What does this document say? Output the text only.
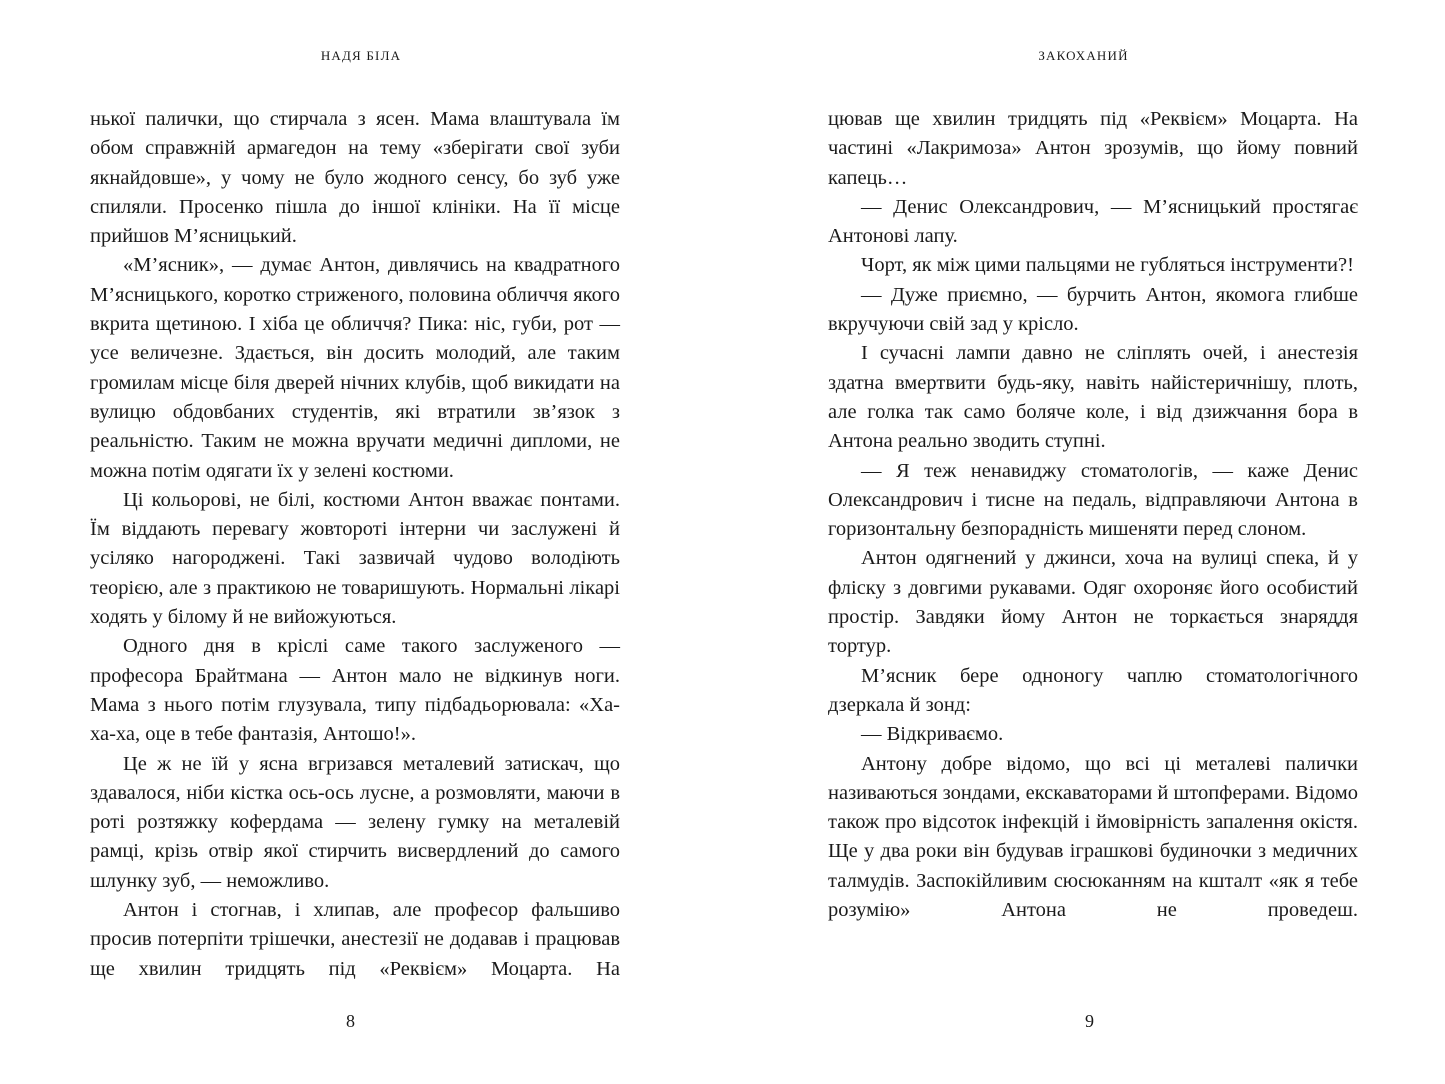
НАДЯ БІЛА

нької палички, що стирчала з ясен. Мама влаштувала їм обом справжній армагедон на тему «зберігати свої зуби якнайдовше», у чому не було жодного сенсу, бо зуб уже спиляли. Просенко пішла до іншої клініки. На її місце прийшов М’ясницький.

«М’ясник», — думає Антон, дивлячись на квадратного М’ясницького, коротко стриженого, половина обличчя якого вкрита щетиною. І хіба це обличчя? Пика: ніс, губи, рот — усе величезне. Здається, він досить молодий, але таким громилам місце біля дверей нічних клубів, щоб викидати на вулицю обдовбаних студентів, які втратили зв’язок з реальністю. Таким не можна вручати медичні дипломи, не можна потім одягати їх у зелені костюми.

Ці кольорові, не білі, костюми Антон вважає понтами. Їм віддають перевагу жовтороті інтерни чи заслужені й усіляко нагороджені. Такі зазвичай чудово володіють теорією, але з практикою не товаришують. Нормальні лікарі ходять у білому й не вийожуються.

Одного дня в кріслі саме такого заслуженого — професора Брайтмана — Антон мало не відкинув ноги. Мама з нього потім глузувала, типу підбадьорювала: «Ха-ха-ха, оце в тебе фантазія, Антошо!».

Це ж не їй у ясна вгризався металевий затискач, що здавалося, ніби кістка ось-ось лусне, а розмовляти, маючи в роті розтяжку кофердама — зелену гумку на металевій рамці, крізь отвір якої стирчить висвердлений до самого шлунку зуб, — неможливо.

Антон і стогнав, і хлипав, але професор фальшиво просив потерпіти трішечки, анестезії не додавав і працював ще хвилин тридцять під «Реквієм» Моцарта. На

8
ЗАКОХАНИЙ

цював ще хвилин тридцять під «Реквієм» Моцарта. На частині «Лакримоза» Антон зрозумів, що йому повний капець…

— Денис Олександрович, — М’ясницький простягає Антонові лапу.

Чорт, як між цими пальцями не губляться інструменти?!

— Дуже приємно, — бурчить Антон, якомога глибше вкручуючи свій зад у крісло.

І сучасні лампи давно не сліплять очей, і анестезія здатна вмертвити будь-яку, навіть найістеричнішу, плоть, але голка так само боляче коле, і від дзижчання бора в Антона реально зводить ступні.

— Я теж ненавиджу стоматологів, — каже Денис Олександрович і тисне на педаль, відправляючи Антона в горизонтальну безпорадність мишеняти перед слоном.

Антон одягнений у джинси, хоча на вулиці спека, й у фліску з довгими рукавами. Одяг охороняє його особистий простір. Завдяки йому Антон не торкається знаряддя тортур.

М’ясник бере одноногу чаплю стоматологічного дзеркала й зонд:

— Відкриваємо.

Антону добре відомо, що всі ці металеві палички називаються зондами, екскаваторами й штопферами. Відомо також про відсоток інфекцій і ймовірність запалення окістя. Ще у два роки він будував іграшкові будиночки з медичних талмудів. Заспокійливим сюсюканням на кшталт «як я тебе розумію» Антона не проведеш.

9
